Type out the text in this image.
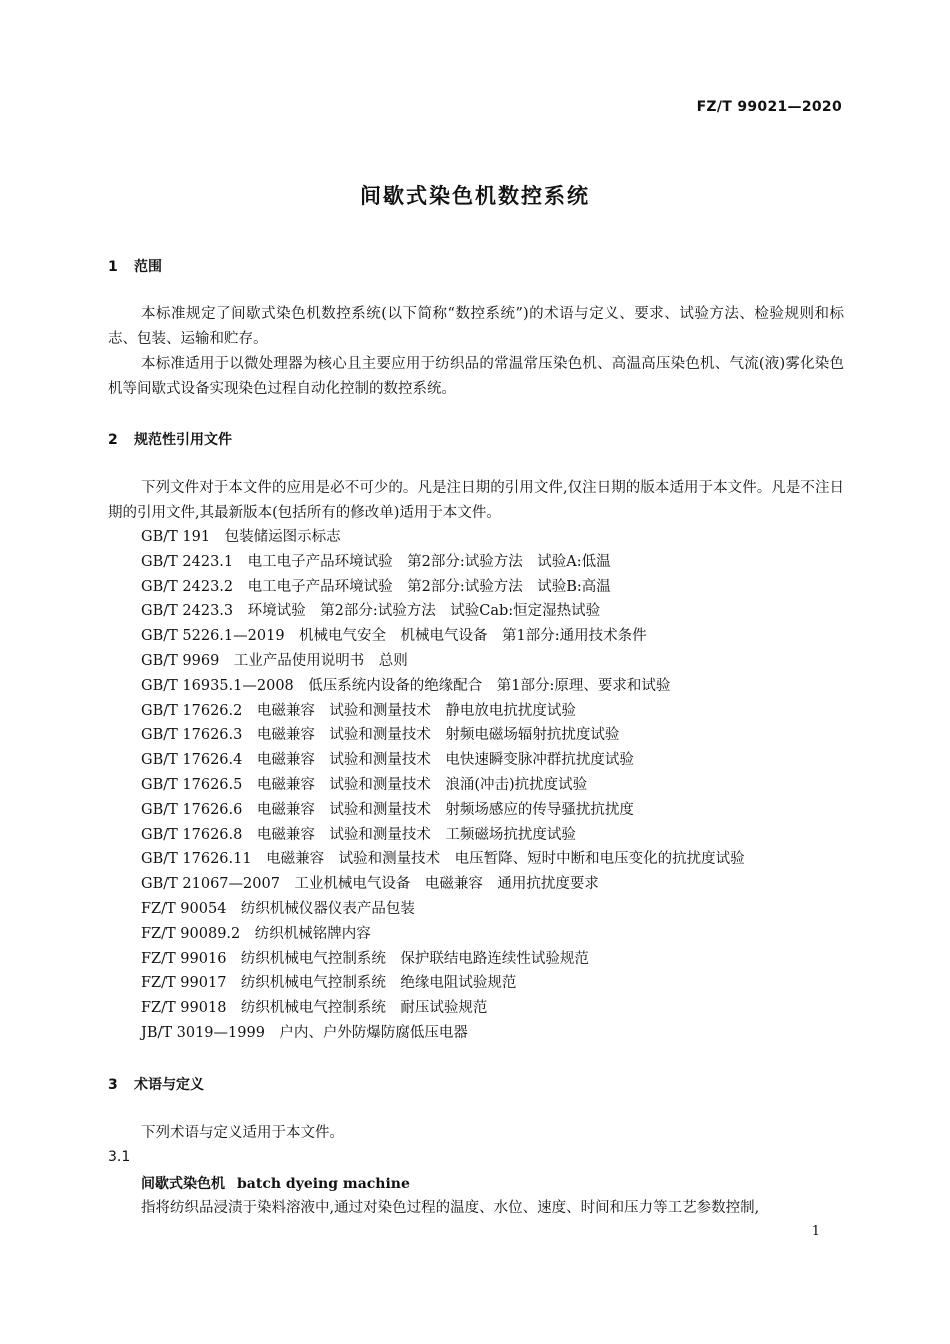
FZ/T 99021—2020
间歇式染色机数控系统
1 范围
本标准规定了间歇式染色机数控系统(以下简称“数控系统”)的术语与定义、要求、试验方法、检验规则和标志、包装、运输和贮存。
本标准适用于以微处理器为核心且主要应用于纺织品的常温常压染色机、高温高压染色机、气流(液)雾化染色机等间歇式设备实现染色过程自动化控制的数控系统。
2 规范性引用文件
下列文件对于本文件的应用是必不可少的。凡是注日期的引用文件,仅注日期的版本适用于本文件。凡是不注日期的引用文件,其最新版本(包括所有的修改单)适用于本文件。
GB/T 191　包装储运图示标志
GB/T 2423.1　电工电子产品环境试验　第2部分:试验方法　试验A:低温
GB/T 2423.2　电工电子产品环境试验　第2部分:试验方法　试验B:高温
GB/T 2423.3　环境试验　第2部分:试验方法　试验Cab:恒定湿热试验
GB/T 5226.1—2019　机械电气安全　机械电气设备　第1部分:通用技术条件
GB/T 9969　工业产品使用说明书　总则
GB/T 16935.1—2008　低压系统内设备的绝缘配合　第1部分:原理、要求和试验
GB/T 17626.2　电磁兼容　试验和测量技术　静电放电抗扰度试验
GB/T 17626.3　电磁兼容　试验和测量技术　射频电磁场辐射抗扰度试验
GB/T 17626.4　电磁兼容　试验和测量技术　电快速瞬变脉冲群抗扰度试验
GB/T 17626.5　电磁兼容　试验和测量技术　浪涌(冲击)抗扰度试验
GB/T 17626.6　电磁兼容　试验和测量技术　射频场感应的传导骚扰抗扰度
GB/T 17626.8　电磁兼容　试验和测量技术　工频磁场抗扰度试验
GB/T 17626.11　电磁兼容　试验和测量技术　电压暂降、短时中断和电压变化的抗扰度试验
GB/T 21067—2007　工业机械电气设备　电磁兼容　通用抗扰度要求
FZ/T 90054　纺织机械仪器仪表产品包装
FZ/T 90089.2　纺织机械铭牌内容
FZ/T 99016　纺织机械电气控制系统　保护联结电路连续性试验规范
FZ/T 99017　纺织机械电气控制系统　绝缘电阻试验规范
FZ/T 99018　纺织机械电气控制系统　耐压试验规范
JB/T 3019—1999　户内、户外防爆防腐低压电器
3 术语与定义
下列术语与定义适用于本文件。
3.1
间歇式染色机 batch dyeing machine
指将纺织品浸渍于染料溶液中,通过对染色过程的温度、水位、速度、时间和压力等工艺参数控制,
1
